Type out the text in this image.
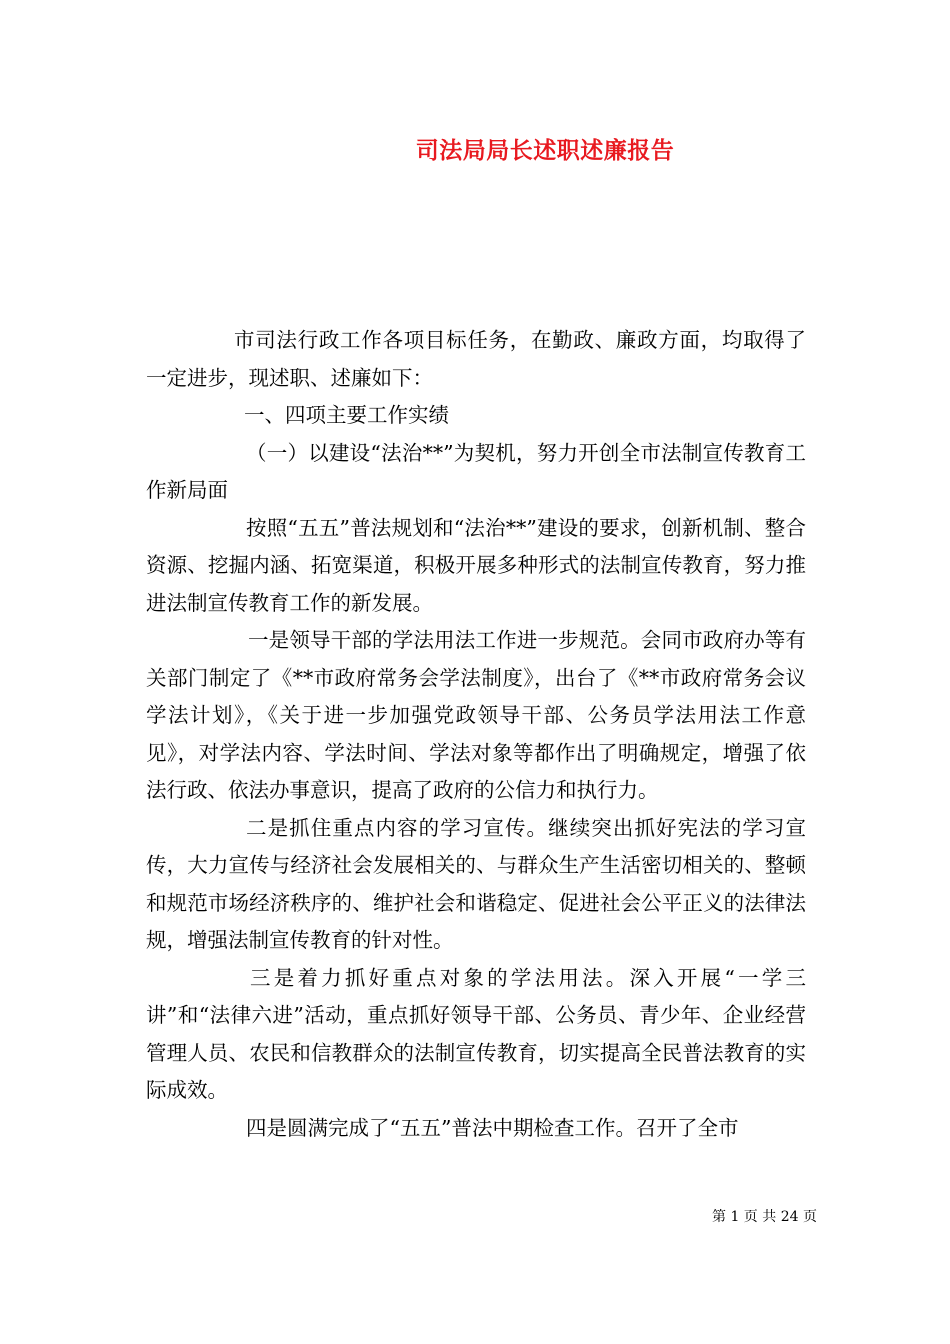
司法局局长述职述廉报告

市司法行政工作各项目标任务，在勤政、廉政方面，均取得了一定进步，现述职、述廉如下：

一、四项主要工作实绩

（一）以建设“法治**”为契机，努力开创全市法制宣传教育工作新局面

按照“五五”普法规划和“法治**”建设的要求，创新机制、整合资源、挖掘内涵、拓宽渠道，积极开展多种形式的法制宣传教育，努力推进法制宣传教育工作的新发展。

一是领导干部的学法用法工作进一步规范。会同市政府办等有关部门制定了《**市政府常务会学法制度》，出台了《**市政府常务会议学法计划》，《关于进一步加强党政领导干部、公务员学法用法工作意见》，对学法内容、学法时间、学法对象等都作出了明确规定，增强了依法行政、依法办事意识，提高了政府的公信力和执行力。

二是抓住重点内容的学习宣传。继续突出抓好宪法的学习宣传，大力宣传与经济社会发展相关的、与群众生产生活密切相关的、整顿和规范市场经济秩序的、维护社会和谐稳定、促进社会公平正义的法律法规，增强法制宣传教育的针对性。

三是着力抓好重点对象的学法用法。深入开展“一学三讲”和“法律六进”活动，重点抓好领导干部、公务员、青少年、企业经营管理人员、农民和信教群众的法制宣传教育，切实提高全民普法教育的实际成效。

四是圆满完成了“五五”普法中期检查工作。召开了全市

第 1 页 共 24 页
